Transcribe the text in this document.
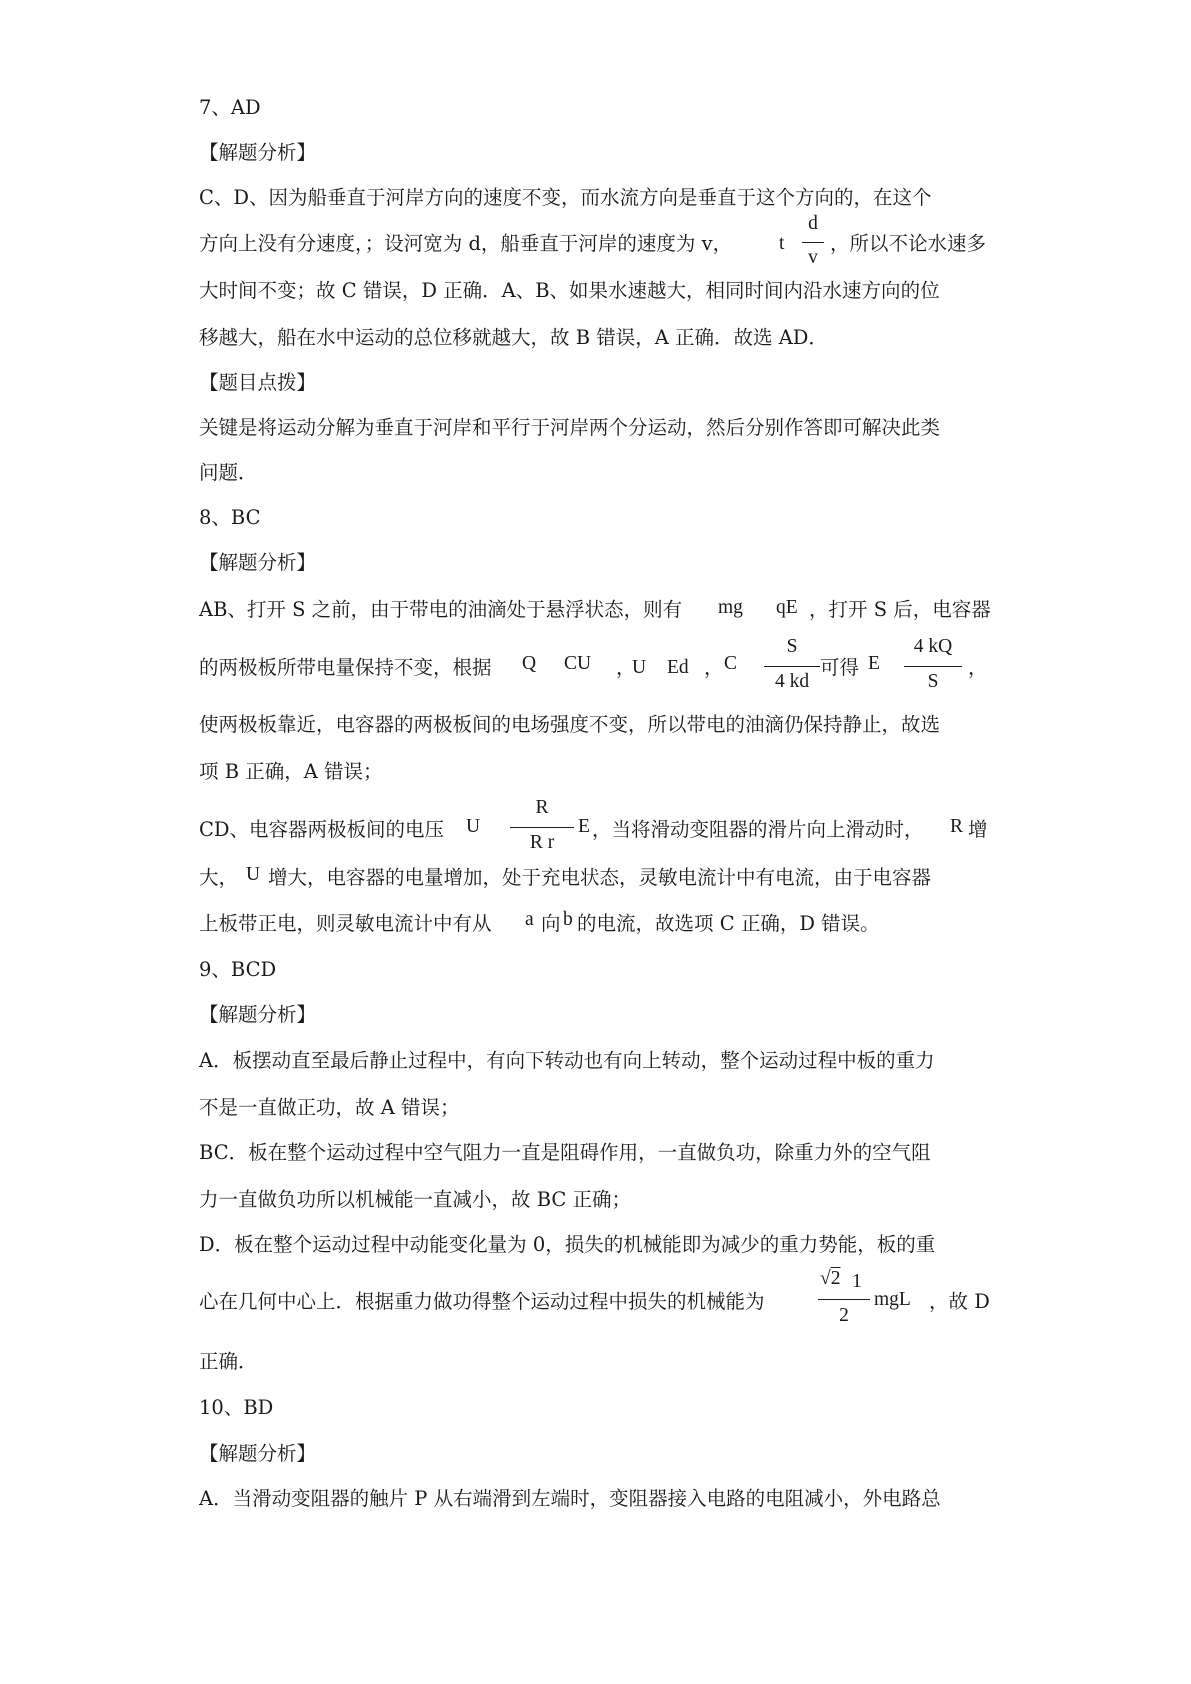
7、AD
【解题分析】
C、D、因为船垂直于河岸方向的速度不变，而水流方向是垂直于这个方向的，在这个
方向上没有分速度，；设河宽为 d，船垂直于河岸的速度为 v， t
d
v
，所以不论水速多
大时间不变；故 C 错误，D 正确．A、B、如果水速越大，相同时间内沿水速方向的位
移越大，船在水中运动的总位移就越大，故 B 错误，A 正确．故选 AD．
【题目点拨】
关键是将运动分解为垂直于河岸和平行于河岸两个分运动，然后分别作答即可解决此类
问题．
8、BC
【解题分析】
AB、打开 S 之前，由于带电的油滴处于悬浮状态，则有 mg qE ，打开 S 后，电容器
的两极板所带电量保持不变，根据 Q CU ，
U Ed ， C
S
4 kd
可得 E
4 kQ
S
，
使两极板靠近，电容器的两极板间的电场强度不变，所以带电的油滴仍保持静止，故选
项 B 正确，A 错误；
CD、电容器两极板间的电压 U
R
R r
E ，当将滑动变阻器的滑片向上滑动时， R 增
大， U 增大，电容器的电量增加，处于充电状态，灵敏电流计中有电流，由于电容器
上板带正电，则灵敏电流计中有从 a 向 b 的电流，故选项 C 正确，D 错误。
9、BCD
【解题分析】
A．板摆动直至最后静止过程中，有向下转动也有向上转动，整个运动过程中板的重力
不是一直做正功，故 A 错误；
BC．板在整个运动过程中空气阻力一直是阻碍作用，一直做负功，除重力外的空气阻
力一直做负功所以机械能一直减小，故 BC 正确；
D．板在整个运动过程中动能变化量为 0，损失的机械能即为减少的重力势能，板的重
心在几何中心上．根据重力做功得整个运动过程中损失的机械能为
√2 1
2
mgL ，故 D
正确．
10、BD
【解题分析】
A．当滑动变阻器的触片 P 从右端滑到左端时，变阻器接入电路的电阻减小，外电路总
